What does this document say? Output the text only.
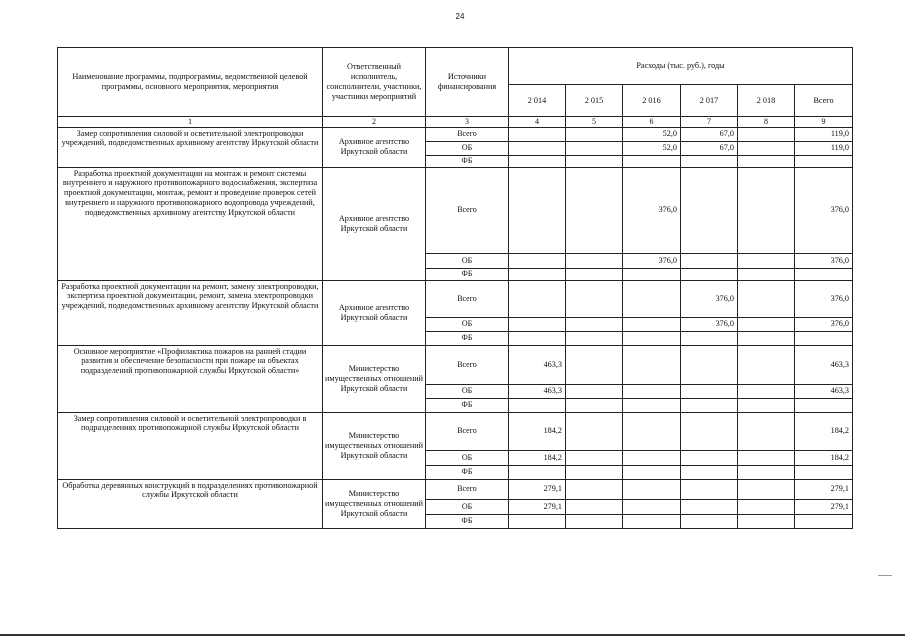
24
Наименование программы, подпрограммы, ведомственной целевой программы, основного мероприятия, мероприятия	Ответственный исполнитель, соисполнители, участники, участники мероприятий	Источники финансирования	Расходы (тыс. руб.), годы					
			2 014	2 015	2 016	2 017	2 018	Всего
1	2	3	4	5	6	7	8	9
Замер сопротивления силовой и осветительной электропроводки учреждений, подведомственных архивному агентству Иркутской области	Архивное агентство Иркутской области	Всего			52,0	67,0		119,0
		ОБ			52,0	67,0		119,0
		ФБ						
Разработка проектной документации на монтаж и ремонт системы внутреннего и наружного противопожарного водоснабжения, экспертиза проектной документации, монтаж, ремонт и проведение проверок сетей внутреннего и наружного противопожарного водопровода учреждений, подведомственных архивному агентству Иркутской области	Архивное агентство Иркутской области	Всего			376,0			376,0
		ОБ			376,0			376,0
		ФБ						
Разработка проектной документации на ремонт, замену электропроводки, экспертиза проектной документации, ремонт, замена электропроводки учреждений, подведомственных архивному агентству Иркутской области	Архивное агентство Иркутской области	Всего				376,0		376,0
		ОБ				376,0		376,0
		ФБ						
Основное мероприятие «Профилактика пожаров на ранней стадии развития и обеспечение безопасности при пожаре на объектах подразделений противопожарной службы Иркутской области»	Министерство имущественных отношений Иркутской области	Всего	463,3					463,3
		ОБ	463,3					463,3
		ФБ						
Замер сопротивления силовой и осветительной электропроводки в подразделениях противопожарной службы Иркутской области	Министерство имущественных отношений Иркутской области	Всего	184,2					184,2
		ОБ	184,2					184,2
		ФБ						
Обработка деревянных конструкций в подразделениях противопожарной службы Иркутской области	Министерство имущественных отношений Иркутской области	Всего	279,1					279,1
		ОБ	279,1					279,1
		ФБ						
